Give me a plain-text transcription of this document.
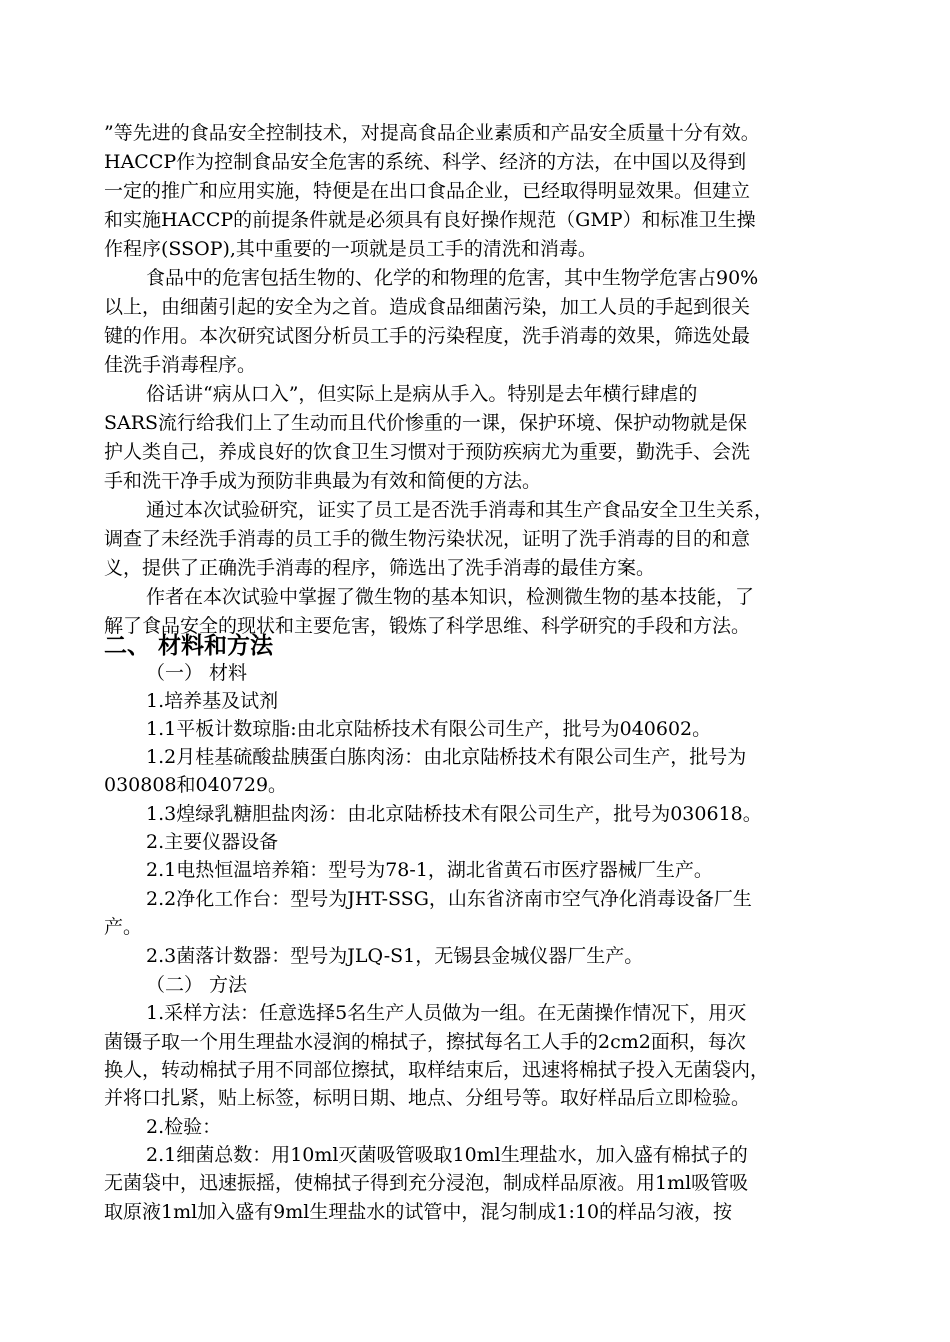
”等先进的食品安全控制技术，对提高食品企业素质和产品安全质量十分有效。
HACCP作为控制食品安全危害的系统、科学、经济的方法，在中国以及得到
一定的推广和应用实施，特便是在出口食品企业，已经取得明显效果。但建立
和实施HACCP的前提条件就是必须具有良好操作规范（GMP）和标准卫生操
作程序(SSOP),其中重要的一项就是员工手的清洗和消毒。
食品中的危害包括生物的、化学的和物理的危害，其中生物学危害占90%
以上，由细菌引起的安全为之首。造成食品细菌污染，加工人员的手起到很关
键的作用。本次研究试图分析员工手的污染程度，洗手消毒的效果，筛选处最
佳洗手消毒程序。
俗话讲“病从口入”，但实际上是病从手入。特别是去年横行肆虐的
SARS流行给我们上了生动而且代价惨重的一课，保护环境、保护动物就是保
护人类自己，养成良好的饮食卫生习惯对于预防疾病尤为重要，勤洗手、会洗
手和洗干净手成为预防非典最为有效和简便的方法。
通过本次试验研究，证实了员工是否洗手消毒和其生产食品安全卫生关系，
调查了未经洗手消毒的员工手的微生物污染状况，证明了洗手消毒的目的和意
义，提供了正确洗手消毒的程序，筛选出了洗手消毒的最佳方案。
作者在本次试验中掌握了微生物的基本知识，检测微生物的基本技能，了
解了食品安全的现状和主要危害，锻炼了科学思维、科学研究的手段和方法。
二、 材料和方法
（一） 材料
1.培养基及试剂
1.1平板计数琼脂:由北京陆桥技术有限公司生产，批号为040602。
1.2月桂基硫酸盐胰蛋白胨肉汤：由北京陆桥技术有限公司生产，批号为
030808和040729。
1.3煌绿乳糖胆盐肉汤：由北京陆桥技术有限公司生产，批号为030618。
2.主要仪器设备
2.1电热恒温培养箱：型号为78-1，湖北省黄石市医疗器械厂生产。
2.2净化工作台：型号为JHT-SSG，山东省济南市空气净化消毒设备厂生
产。
2.3菌落计数器：型号为JLQ-S1，无锡县金城仪器厂生产。
（二） 方法
1.采样方法：任意选择5名生产人员做为一组。在无菌操作情况下，用灭
菌镊子取一个用生理盐水浸润的棉拭子，擦拭每名工人手的2cm2面积，每次
换人，转动棉拭子用不同部位擦拭，取样结束后，迅速将棉拭子投入无菌袋内，
并将口扎紧，贴上标签，标明日期、地点、分组号等。取好样品后立即检验。
2.检验：
2.1细菌总数：用10ml灭菌吸管吸取10ml生理盐水，加入盛有棉拭子的
无菌袋中，迅速振摇，使棉拭子得到充分浸泡，制成样品原液。用1ml吸管吸
取原液1ml加入盛有9ml生理盐水的试管中，混匀制成1:10的样品匀液，按
